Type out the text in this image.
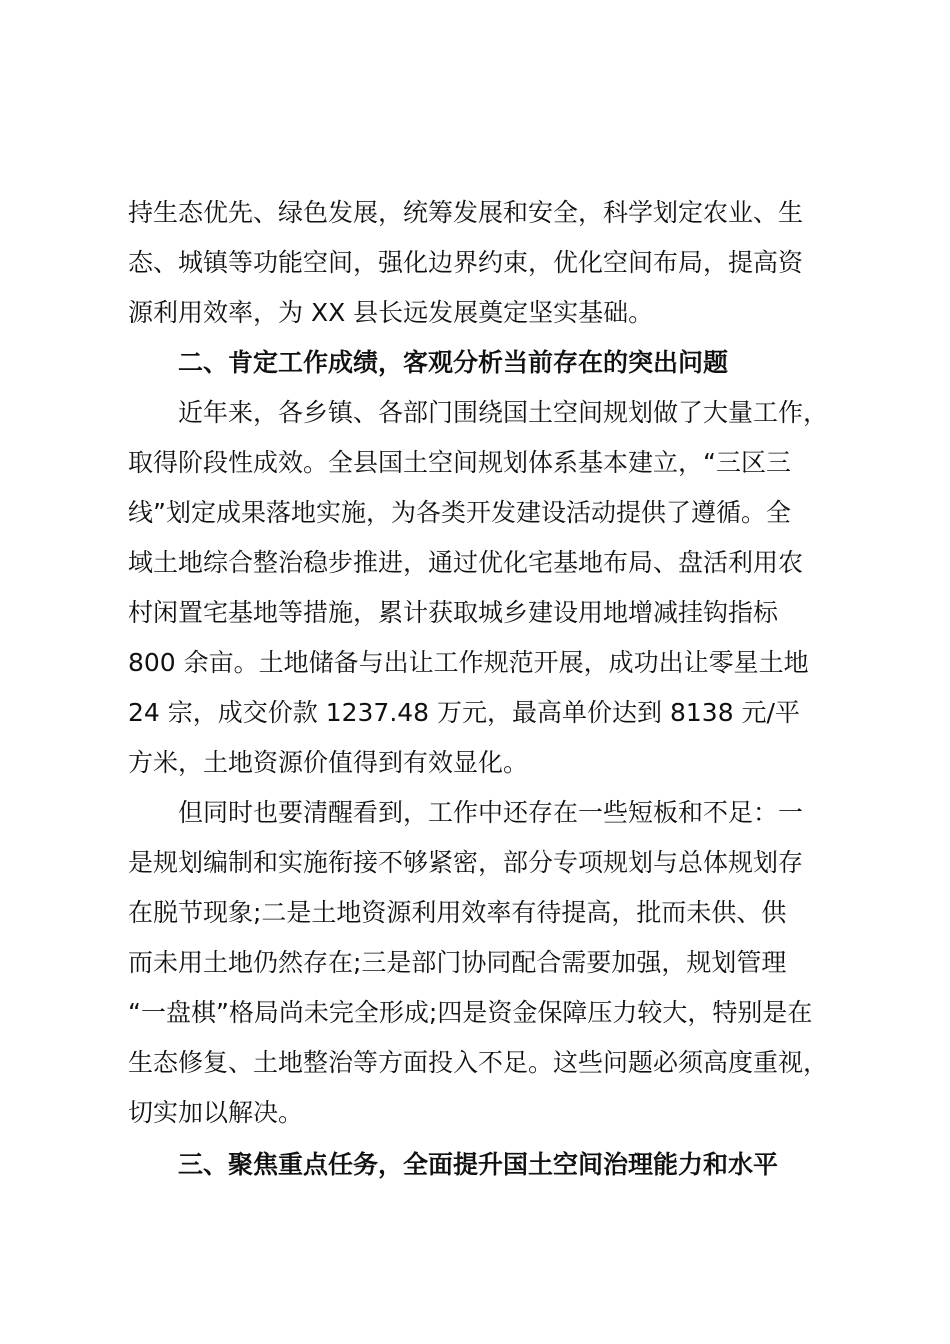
持生态优先、绿色发展，统筹发展和安全，科学划定农业、生
态、城镇等功能空间，强化边界约束，优化空间布局，提高资
源利用效率，为 XX 县长远发展奠定坚实基础。
二、肯定工作成绩，客观分析当前存在的突出问题
近年来，各乡镇、各部门围绕国土空间规划做了大量工作，
取得阶段性成效。全县国土空间规划体系基本建立，“三区三
线”划定成果落地实施，为各类开发建设活动提供了遵循。全
域土地综合整治稳步推进，通过优化宅基地布局、盘活利用农
村闲置宅基地等措施，累计获取城乡建设用地增减挂钩指标
800 余亩。土地储备与出让工作规范开展，成功出让零星土地
24 宗，成交价款 1237.48 万元，最高单价达到 8138 元/平
方米，土地资源价值得到有效显化。
但同时也要清醒看到，工作中还存在一些短板和不足：一
是规划编制和实施衔接不够紧密，部分专项规划与总体规划存
在脱节现象;二是土地资源利用效率有待提高，批而未供、供
而未用土地仍然存在;三是部门协同配合需要加强，规划管理
“一盘棋”格局尚未完全形成;四是资金保障压力较大，特别是在
生态修复、土地整治等方面投入不足。这些问题必须高度重视，
切实加以解决。
三、聚焦重点任务，全面提升国土空间治理能力和水平
